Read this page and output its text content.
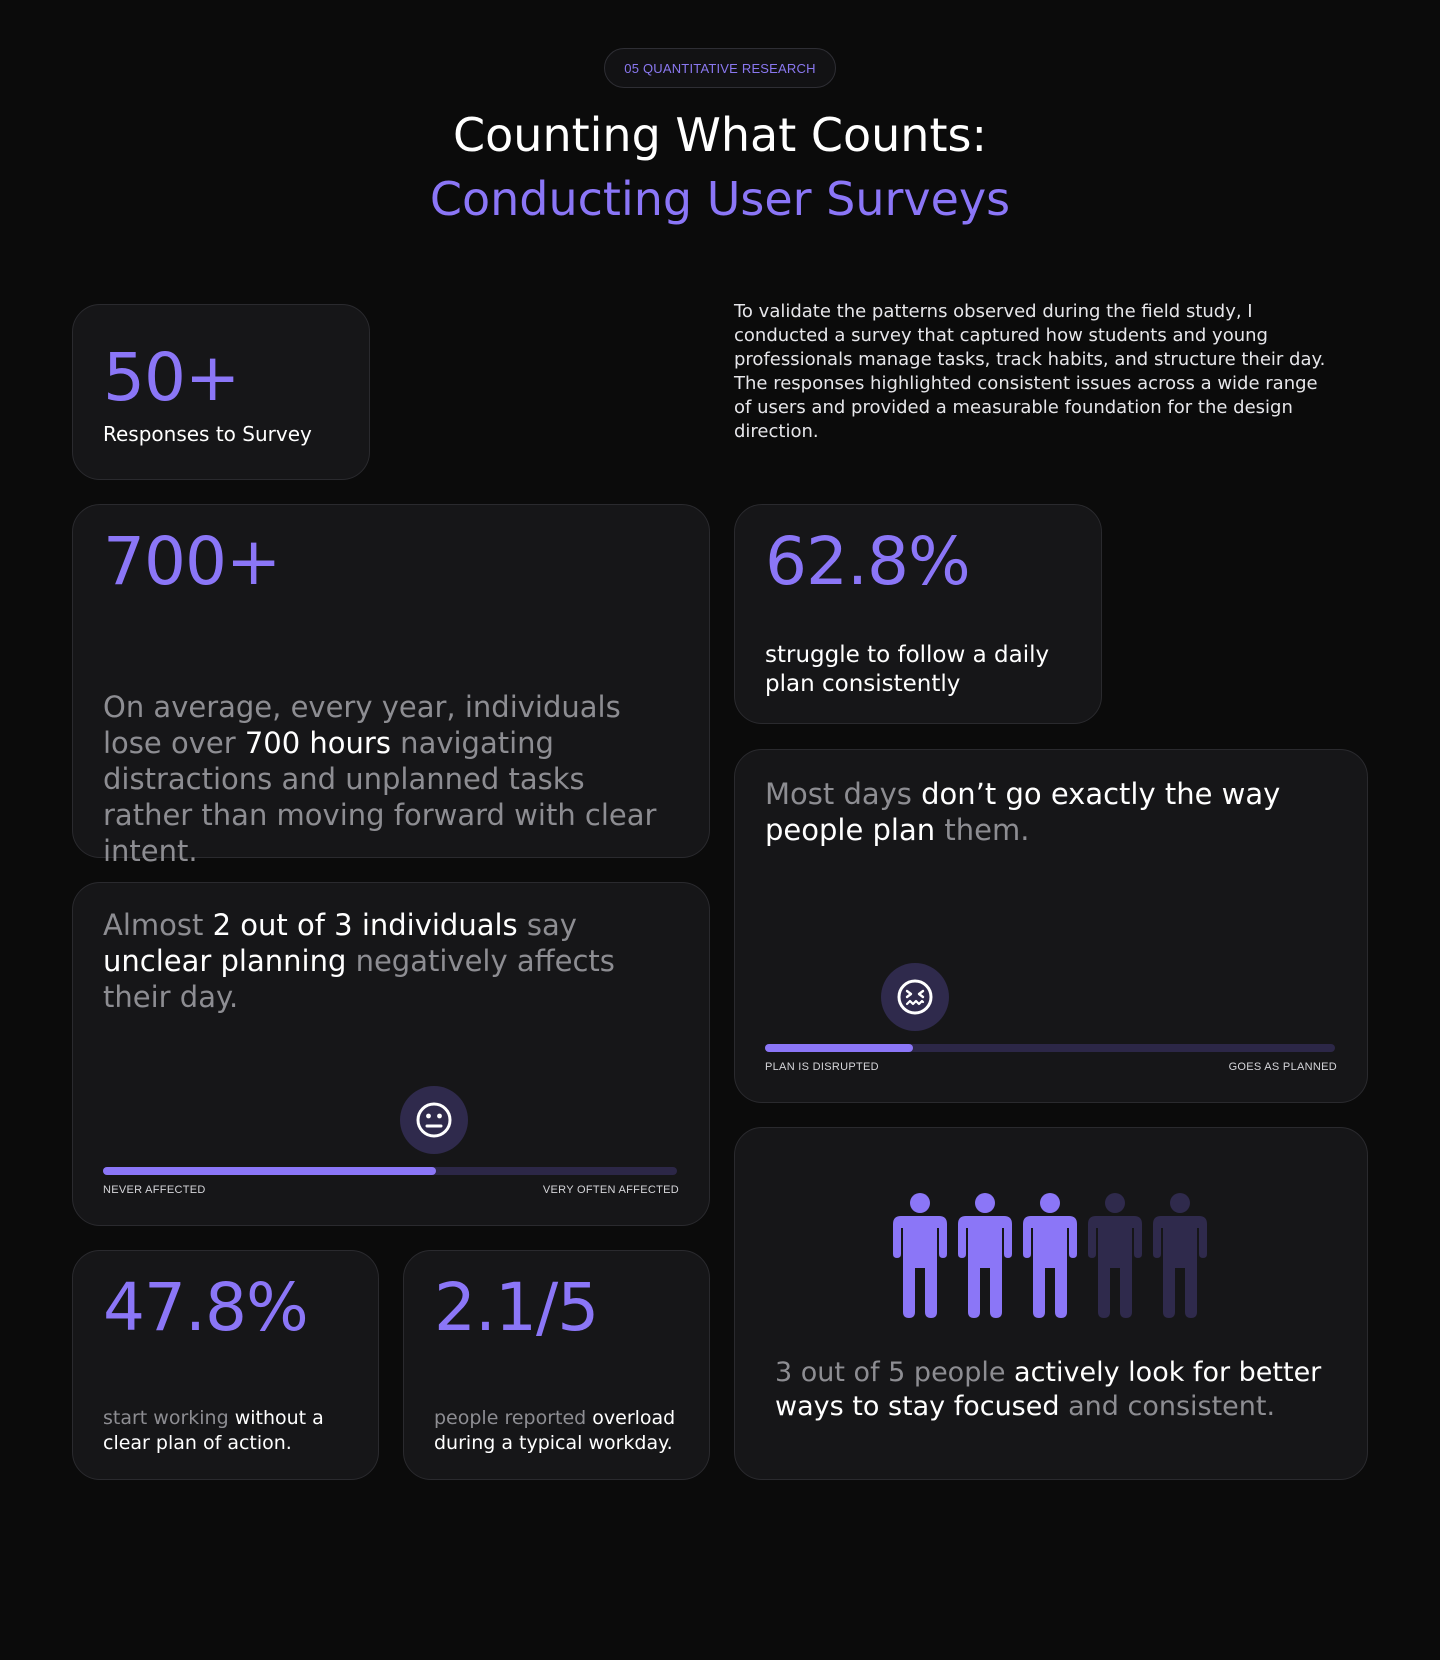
05 QUANTITATIVE RESEARCH
Counting What Counts:
Conducting User Surveys
To validate the patterns observed during the field study, I conducted a survey that captured how students and young professionals manage tasks, track habits, and structure their day. The responses highlighted consistent issues across a wide range of users and provided a measurable foundation for the design direction.
50+
Responses to Survey
700+
On average, every year, individuals lose over 700 hours navigating distractions and unplanned tasks rather than moving forward with clear intent.
62.8%
struggle to follow a daily plan consistently
Most days don’t go exactly the way people plan them.
PLAN IS DISRUPTED	GOES AS PLANNED
Almost 2 out of 3 individuals say unclear planning negatively affects their day.
NEVER AFFECTED	VERY OFTEN AFFECTED
47.8%
start working without a clear plan of action.
2.1/5
people reported overload during a typical workday.
3 out of 5 people actively look for better ways to stay focused and consistent.
